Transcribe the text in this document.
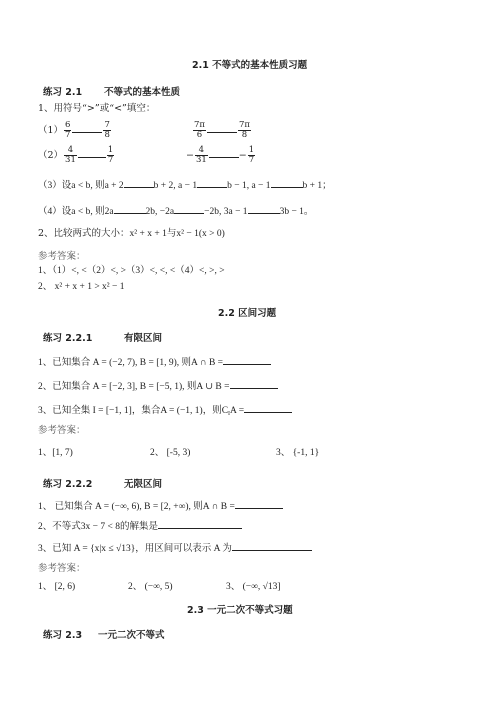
2.1 不等式的基本性质习题
练习 2.1 不等式的基本性质
1、用符号“>”或“<”填空：
$(1) \frac{6}{7}$	$\frac{7}{8}$	$\frac{7\pi}{6}$	$\frac{7\pi}{8}$
$(2) \frac{4}{31}$	$\frac{1}{7}$	− $\frac{4}{31}$	− $\frac{1}{7}$
（3）设a < b, 则a + 2	b + 2, a − 1	b − 1, a − 1	b + 1；
（4）设a < b, 则2a	2b, −2a	−2b, 3a − 1	3b − 1。
2、比较两式的大小：x² + x + 1与x² − 1(x > 0)
参考答案：
1、（1）<, <（2）<, >（3）<, <, <（4）<, >, >
2、 x² + x + 1 > x² − 1
2.2 区间习题
练习 2.2.1	有限区间
1、已知集合 A = (−2, 7), B = [1, 9), 则A ∩ B =
2、已知集合 A = [−2, 3], B = [−5, 1), 则A ∪ B =
3、已知全集 I = [−1, 1]，集合A = (−1, 1)，则$C_IA$ =
参考答案：
1、[1, 7)	2、 [-5, 3)	3、 {-1, 1}
练习 2.2.2	无限区间
1、 已知集合 A = (−∞, 6), B = [2, +∞), 则A ∩ B =
2、不等式3x − 7 < 8的解集是
3、已知 A = {x|x ≤ √13}，用区间可以表示 A 为
参考答案：
1、 [2, 6)	2、 (−∞, 5)	3、 (−∞, √13]
2.3 一元二次不等式习题
练习 2.3 一元二次不等式
